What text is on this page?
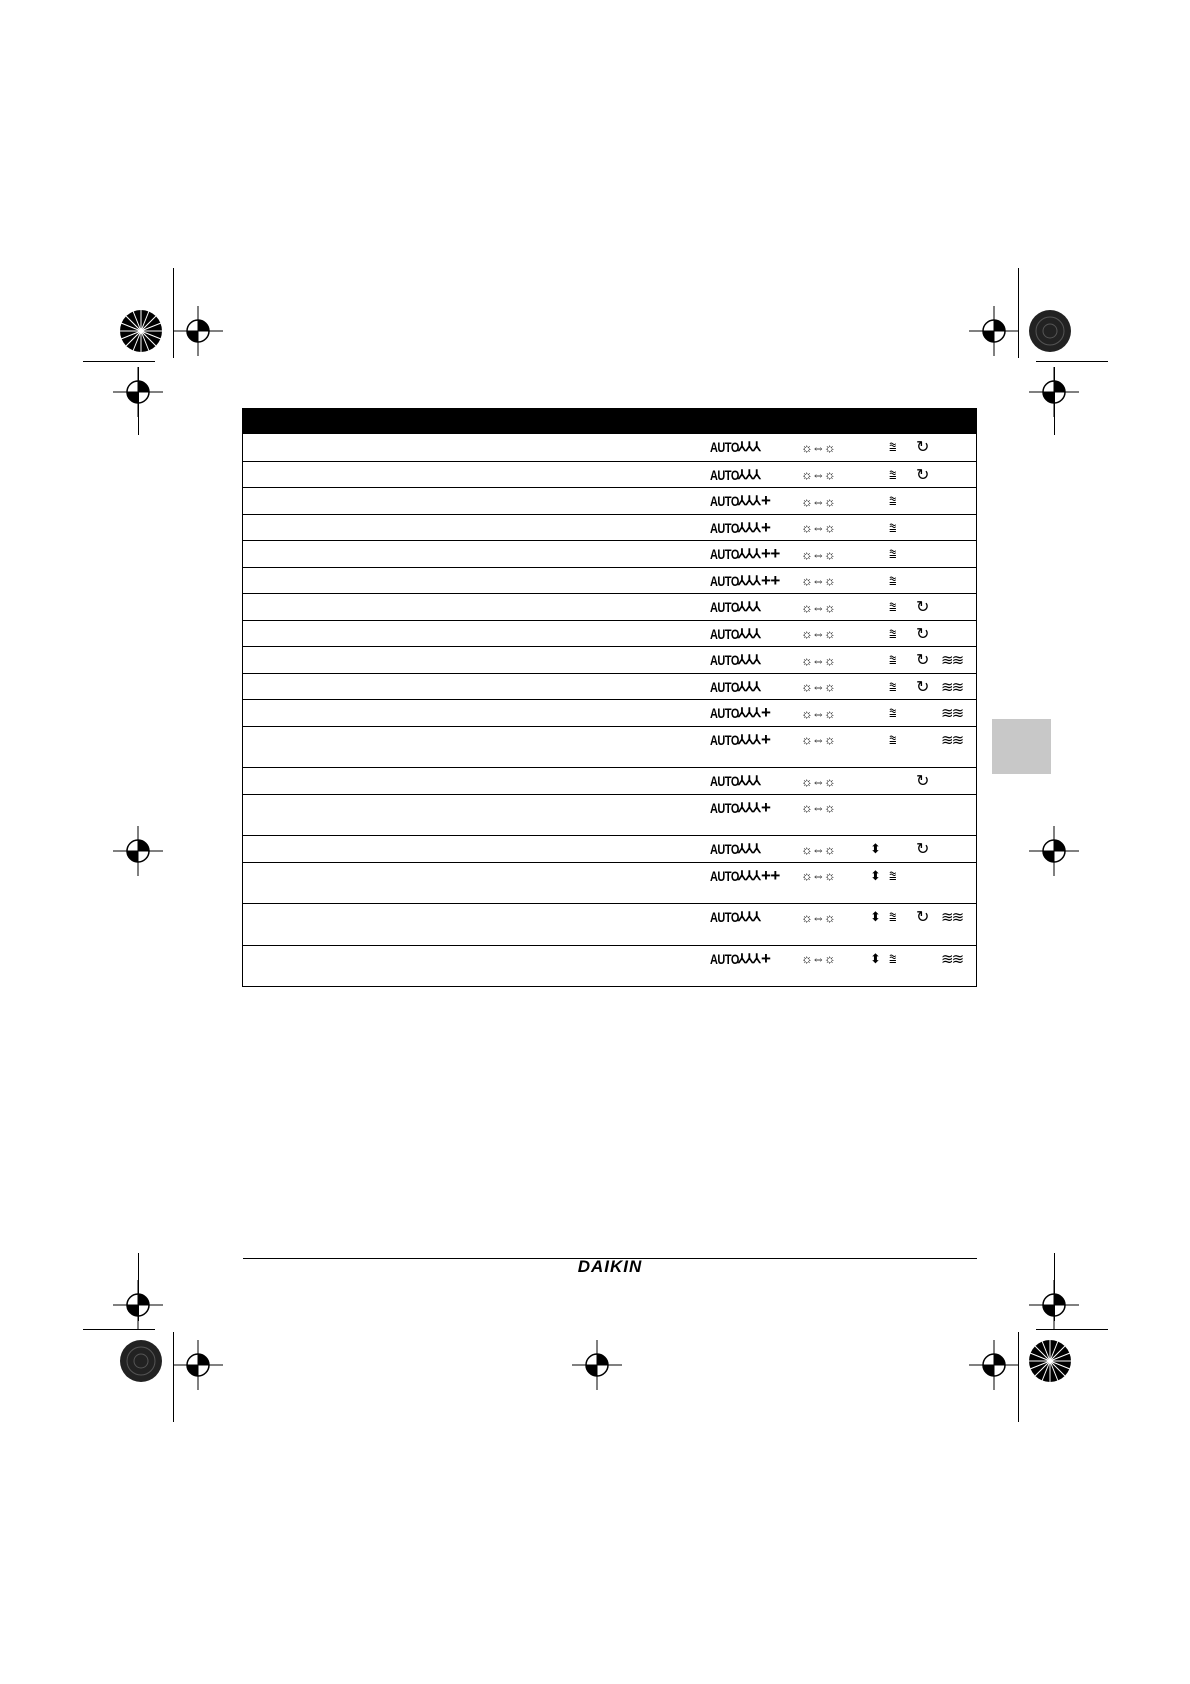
AUTO ⅄⅄⅄	☼⇔☼	⩰ ↻
AUTO ⅄⅄⅄	☼⇔☼	⩰ ↻
AUTO ⅄⅄⅄ + ☼⇔☼	⩰
AUTO ⅄⅄⅄ + ☼⇔☼	⩰
AUTO ⅄⅄⅄ ++ ☼⇔☼	⩰
AUTO ⅄⅄⅄ ++ ☼⇔☼	⩰
AUTO ⅄⅄⅄	☼⇔☼	⩰ ↻
AUTO ⅄⅄⅄	☼⇔☼	⩰ ↻
AUTO ⅄⅄⅄	☼⇔☼	⩰ ↻ ≋≋
AUTO ⅄⅄⅄	☼⇔☼	⩰ ↻ ≋≋
AUTO ⅄⅄⅄ + ☼⇔☼	⩰	≋≋
AUTO ⅄⅄⅄ + ☼⇔☼	⩰	≋≋
AUTO ⅄⅄⅄	☼⇔☼	↻
AUTO ⅄⅄⅄ + ☼⇔☼
AUTO ⅄⅄⅄	☼⇔☼	⬍ ↻
AUTO ⅄⅄⅄ ++ ☼⇔☼	⬍ ⩰
AUTO ⅄⅄⅄	☼⇔☼	⬍ ⩰ ↻ ≋≋
AUTO ⅄⅄⅄ + ☼⇔☼	⬍ ⩰	≋≋
DAIKIN
